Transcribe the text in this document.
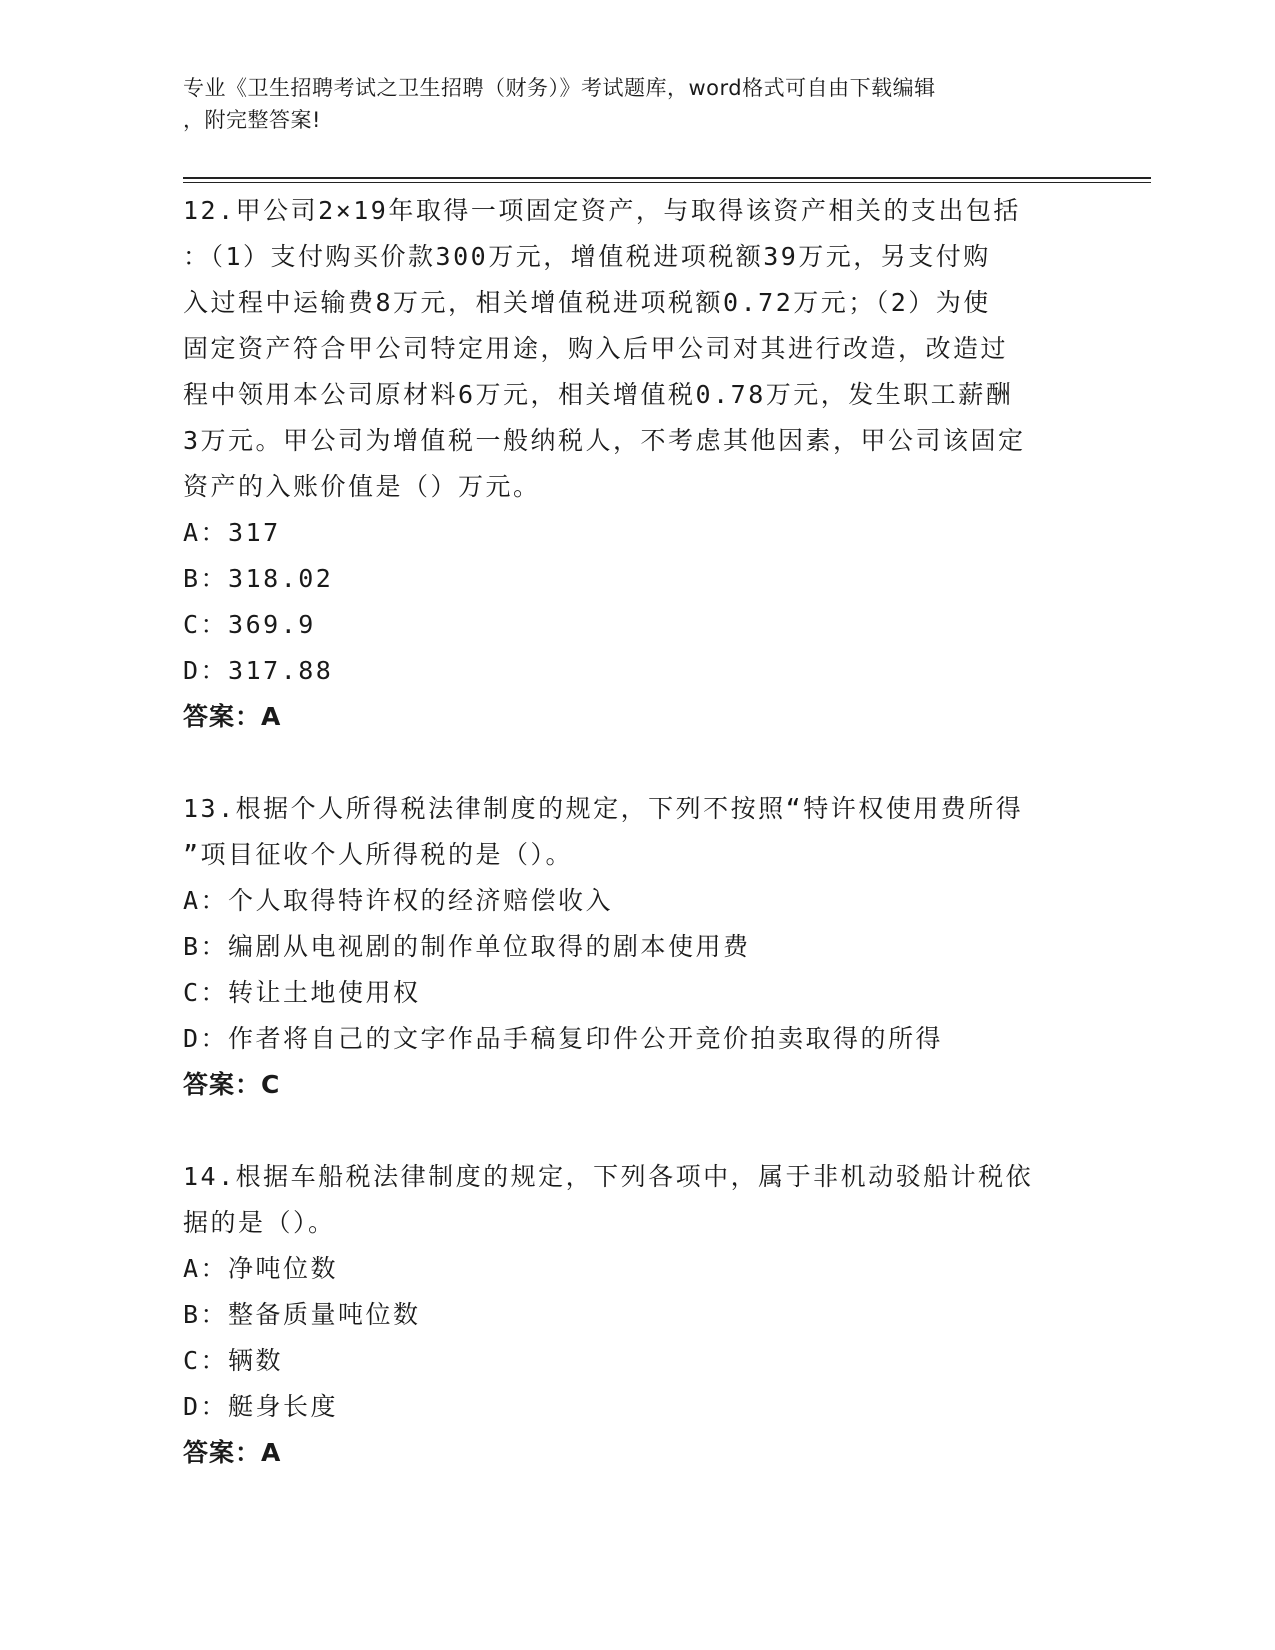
专业《卫生招聘考试之卫生招聘（财务）》考试题库，word格式可自由下载编辑
，附完整答案!
12.甲公司2×19年取得一项固定资产，与取得该资产相关的支出包括
：（1）支付购买价款300万元，增值税进项税额39万元，另支付购
入过程中运输费8万元，相关增值税进项税额0.72万元；（2）为使
固定资产符合甲公司特定用途，购入后甲公司对其进行改造，改造过
程中领用本公司原材料6万元，相关增值税0.78万元，发生职工薪酬
3万元。甲公司为增值税一般纳税人，不考虑其他因素，甲公司该固定
资产的入账价值是（）万元。
A：317
B：318.02
C：369.9
D：317.88
答案：A
13.根据个人所得税法律制度的规定，下列不按照“特许权使用费所得
”项目征收个人所得税的是（）。
A：个人取得特许权的经济赔偿收入
B：编剧从电视剧的制作单位取得的剧本使用费
C：转让土地使用权
D：作者将自己的文字作品手稿复印件公开竞价拍卖取得的所得
答案：C
14.根据车船税法律制度的规定，下列各项中，属于非机动驳船计税依
据的是（）。
A：净吨位数
B：整备质量吨位数
C：辆数
D：艇身长度
答案：A
